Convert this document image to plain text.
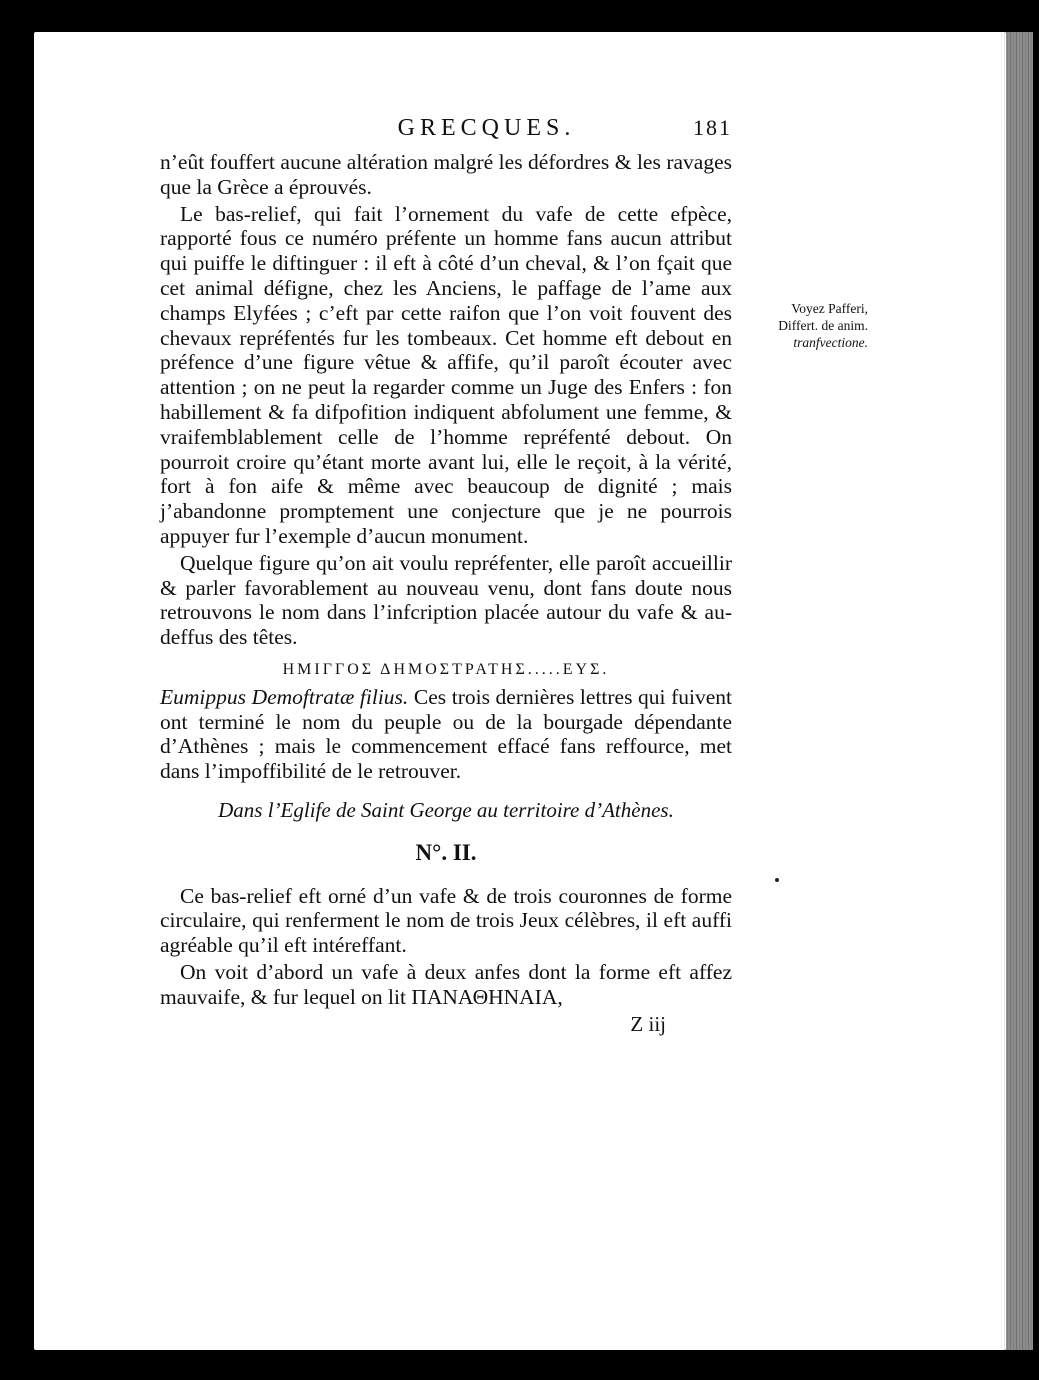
GRECQUES.	181

n’eût fouffert aucune altération malgré les défordres & les ravages que la Grèce a éprouvés.

Le bas-relief, qui fait l’ornement du vafe de cette efpèce, rapporté fous ce numéro préfente un homme fans aucun attribut qui puiffe le diftinguer : il eft à côté d’un cheval, & l’on fçait que cet animal défigne, chez les Anciens, le paffage de l’ame aux champs Elyfées ; c’eft par cette raifon que l’on voit fouvent des chevaux repréfentés fur les tombeaux. Cet homme eft debout en préfence d’une figure vêtue & affife, qu’il paroît écouter avec attention ; on ne peut la regarder comme un Juge des Enfers : fon habillement & fa difpofition indiquent abfolument une femme, & vraifemblablement celle de l’homme repréfenté debout. On pourroit croire qu’étant morte avant lui, elle le reçoit, à la vérité, fort à fon aife & même avec beaucoup de dignité ; mais j’abandonne promptement une conjecture que je ne pourrois appuyer fur l’exemple d’aucun monument.

Quelque figure qu’on ait voulu repréfenter, elle paroît accueillir & parler favorablement au nouveau venu, dont fans doute nous retrouvons le nom dans l’infcription placée autour du vafe & au-deffus des têtes.

ΗΜΙΓΓΟΣ ΔΗΜΟΣΤΡΑΤΗΣ.....ΕΥΣ.

Eumippus Demoftratæ filius. Ces trois dernières lettres qui fuivent ont terminé le nom du peuple ou de la bourgade dépendante d’Athènes ; mais le commencement effacé fans reffource, met dans l’impoffibilité de le retrouver.

Dans l’Eglife de Saint George au territoire d’Athènes.
N°. II.

Ce bas-relief eft orné d’un vafe & de trois couronnes de forme circulaire, qui renferment le nom de trois Jeux célèbres, il eft auffi agréable qu’il eft intéreffant.

On voit d’abord un vafe à deux anfes dont la forme eft affez mauvaife, & fur lequel on lit ΠΑΝΑΘΗΝΑΙΑ,

Z iij
Voyez Pafferi,
Differt. de anim.
tranfvectione.
